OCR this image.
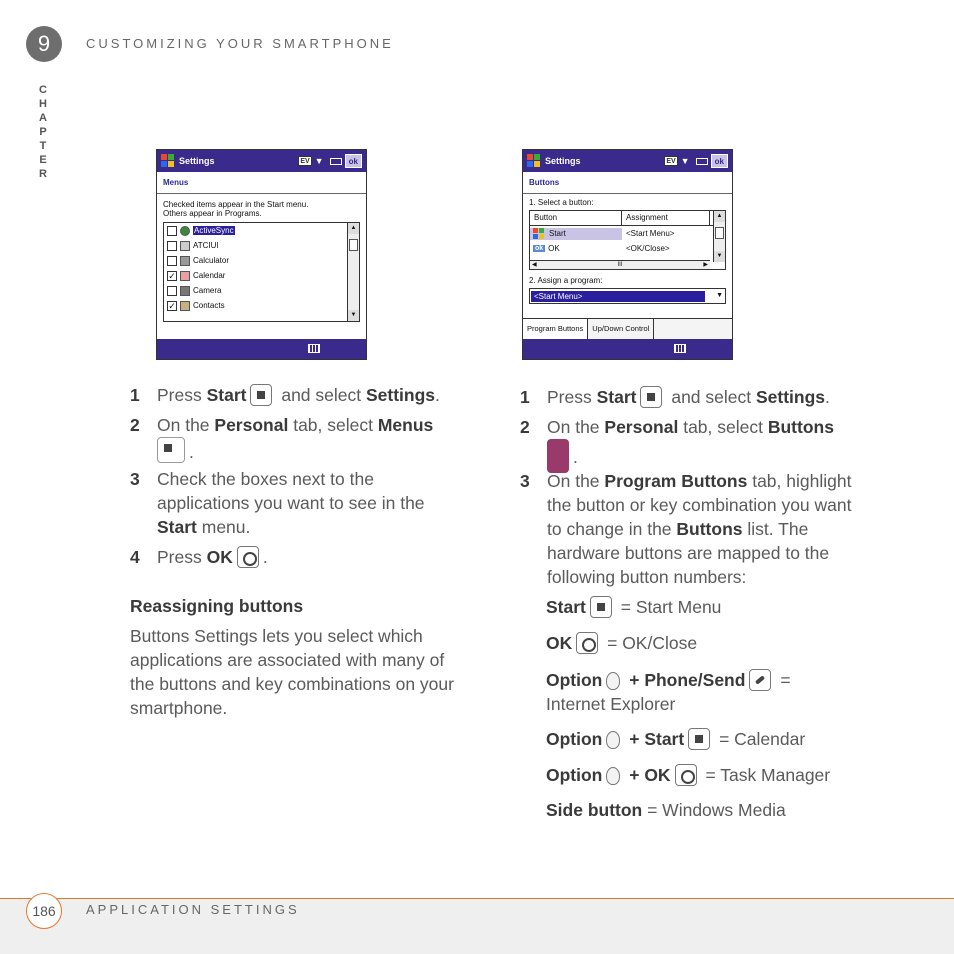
9	CUSTOMIZING YOUR SMARTPHONE
CHAPTER
Settings	EV ▼	ok
Menus
Checked items appear in the Start menu.
Others appear in Programs.
ActiveSync
ATCIUI
Calculator
✓ Calendar
Camera
✓ Contacts
▲
▼
Settings	EV ▼	ok
Buttons
1. Select a button:
Button	Assignment
Start	<Start Menu>
ok OK	<OK/Close>
◀	III	▶
▲
▼
2. Assign a program:
<Start Menu>	▼
Program Buttons	Up/Down Control
1 Press Start and select Settings.
2 On the Personal tab, select Menus
.
3 Check the boxes next to the
applications you want to see in the
Start menu.
4 Press OK .
Reassigning buttons
Buttons Settings lets you select which
applications are associated with many of
the buttons and key combinations on your
smartphone.
1 Press Start and select Settings.
2 On the Personal tab, select Buttons
.
3 On the Program Buttons tab, highlight
the button or key combination you want
to change in the Buttons list. The
hardware buttons are mapped to the
following button numbers:
Start = Start Menu
OK = OK/Close
Option + Phone/Send =
Internet Explorer
Option + Start = Calendar
Option + OK = Task Manager
Side button = Windows Media
186	APPLICATION SETTINGS
